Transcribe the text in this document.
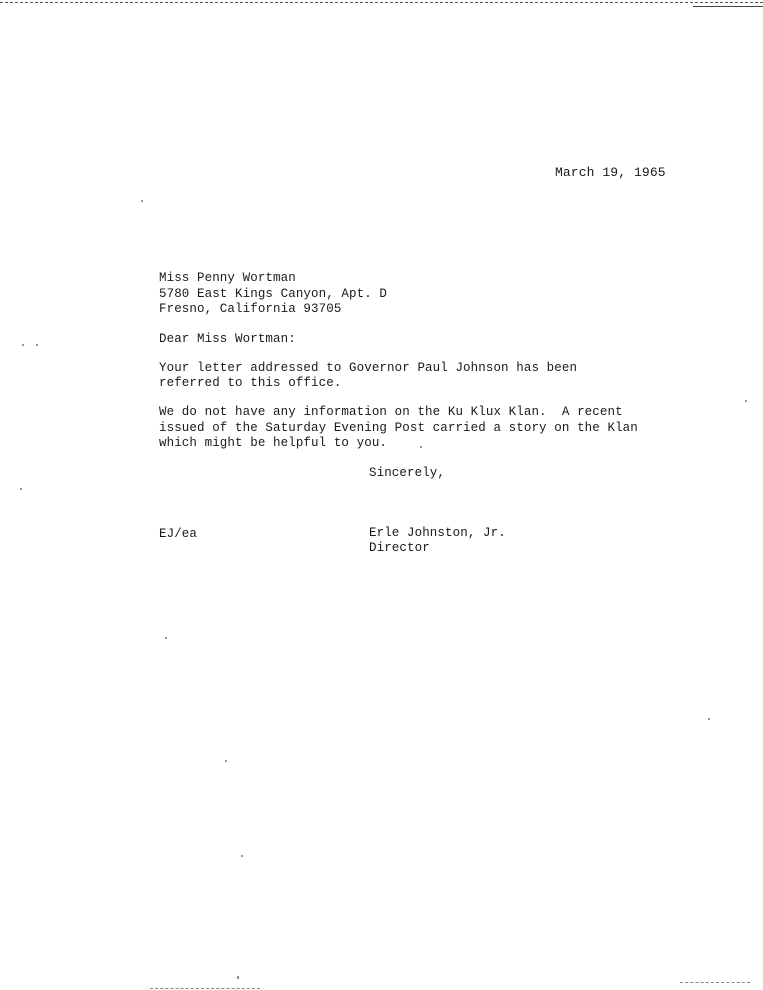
March 19, 1965
Miss Penny Wortman
5780 East Kings Canyon, Apt. D
Fresno, California 93705
Dear Miss Wortman:
Your letter addressed to Governor Paul Johnson has been
referred to this office.
We do not have any information on the Ku Klux Klan.  A recent
issued of the Saturday Evening Post carried a story on the Klan
which might be helpful to you.
Sincerely,
EJ/ea	Erle Johnston, Jr.
Director
